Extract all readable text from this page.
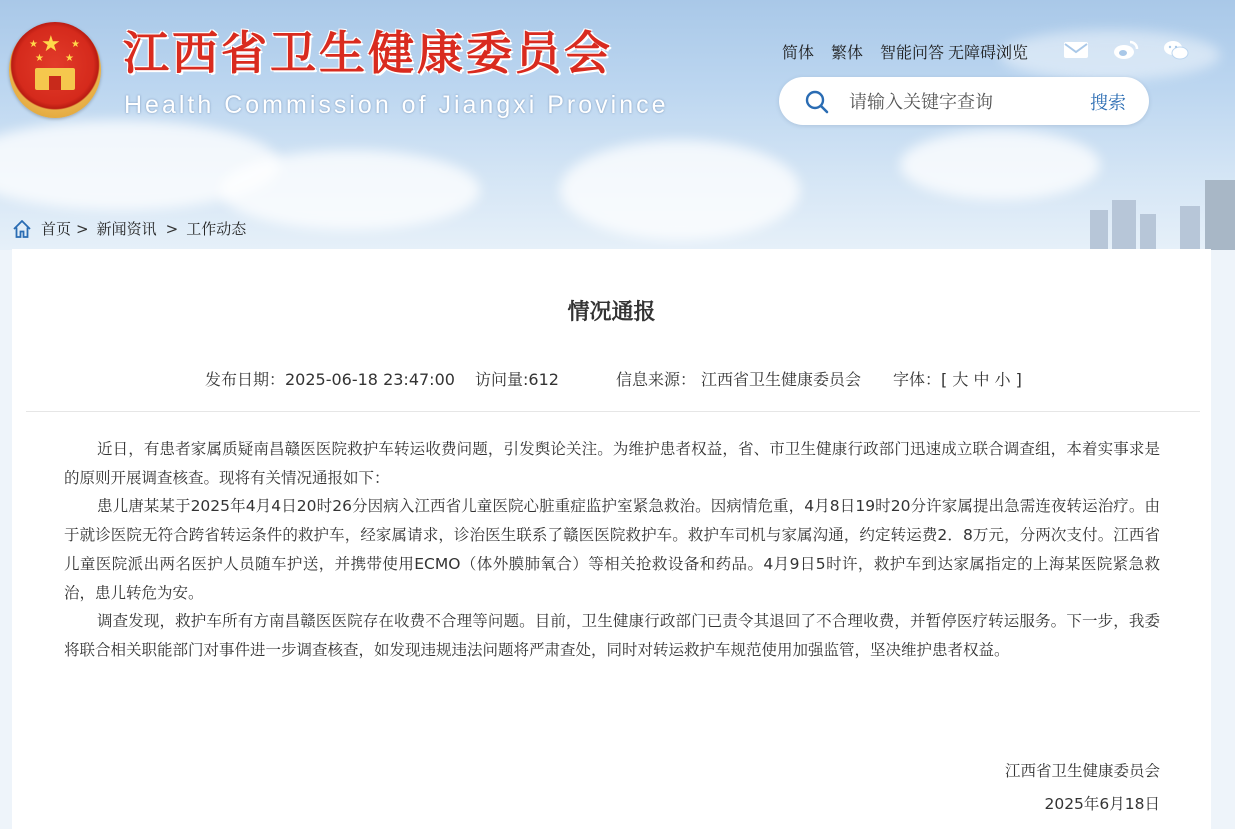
★
★	★
★ ★ 江西省卫生健康委员会
Health Commission of Jiangxi Province
简体 繁体 智能问答 无障碍浏览
请输入关键字查询
搜索
首页 > 新闻资讯 > 工作动态
情况通报
发布日期：2025-06-18 23:47:00 访问量:612	信息来源： 江西省卫生健康委员会 字体： [ 大 中 小 ]

近日，有患者家属质疑南昌赣医医院救护车转运收费问题，引发舆论关注。为维护患者权益，省、市卫生健康行政部门迅速成立联合调查组，本着实事求是的原则开展调查核查。现将有关情况通报如下：

患儿唐某某于2025年4月4日20时26分因病入江西省儿童医院心脏重症监护室紧急救治。因病情危重，4月8日19时20分许家属提出急需连夜转运治疗。由于就诊医院无符合跨省转运条件的救护车，经家属请求，诊治医生联系了赣医医院救护车。救护车司机与家属沟通，约定转运费2．8万元，分两次支付。江西省儿童医院派出两名医护人员随车护送，并携带使用ECMO（体外膜肺氧合）等相关抢救设备和药品。4月9日5时许，救护车到达家属指定的上海某医院紧急救治，患儿转危为安。

调查发现，救护车所有方南昌赣医医院存在收费不合理等问题。目前，卫生健康行政部门已责令其退回了不合理收费，并暂停医疗转运服务。下一步，我委将联合相关职能部门对事件进一步调查核查，如发现违规违法问题将严肃查处，同时对转运救护车规范使用加强监管，坚决维护患者权益。

江西省卫生健康委员会
2025年6月18日
